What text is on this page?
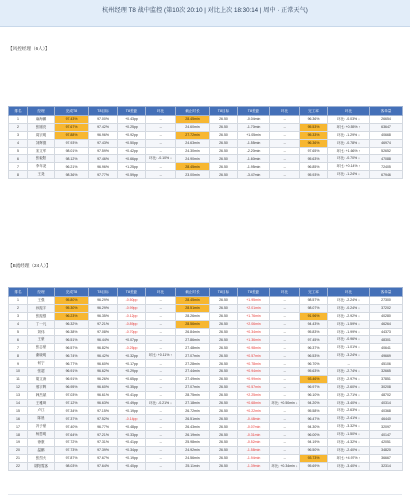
杭州经理 T8 战中监控 (第10次 20:10 | 对比上次 18:30:14 | 周中 · 正常天气)
【风控经理（6人）】
排名	经理	完成T8	T8目标	T8差距	环比	截止时长	T8目标	T8差距	环比	完工率	环比	客单量
1	麻海鹏	97.43%	97.00%	+0.43pp	→	28.45min	26.50	-0.04min	→	96.36%	环比: -0.03% ↓	26654
2	张刚亮	97.67%	97.42%	+0.25pp	→	24.60min	26.50	-1.70min	→	95.53%	环比: +0.55% ↑	63647
3	周宗明	97.88%	96.96%	+0.92pp	→	27.72min	26.50	+1.05min	→	95.33%	环比: -1.29% ↓	40668
4	刘辉德	97.93%	97.43%	+0.50pp	→	24.63min	26.50	-1.55min	→	96.36%	环比: -0.78% ↓	46974
5	宋文军	98.01%	97.59%	+0.42pp	→	24.30min	26.50	-2.20min	→	97.65%	环比: +1.66% ↑	52652
6	张毅阳	98.12%	97.46%	+0.66pp	环比: -0.10% ↓	24.90min	26.50	-1.60min	→	95.63%	环比: -0.70% ↓	47088
7	李年尧	96.21%	96.96%	+1.25pp	→	28.45min	26.50	-1.95min	→	96.85%	环比: +0.14% ↑	72405
8	王尧	98.36%	97.77%	+0.59pp	→	23.00min	26.50	-3.47min	→	95.93%	环比: -1.24% ↓	67946
【B流经理（24人）】
排名	经理	完成T8	T8目标	T8差距	环比	截止时长	T8目标	T8差距	环比	完工率	环比	客单量
1	王强	95.80%	96.29%	-0.50pp	→	28.45min	26.50	+1.95min	→	98.57%	环比: -2.24% ↓	27300
2	孙振宇	95.30%	96.29%	-0.99pp	→	28.51min	26.50	+2.01min	→	98.07%	环比: -0.24% ↓	37202
3	张振强	96.23%	96.35%	-0.12pp	→	28.26min	26.50	+1.76min	→	91.96%	环比: -2.92% ↓	40280
4	丁一凡	96.32%	97.21%	-0.89pp	→	28.56min	26.50	+2.06min	→	94.43%	环比: -1.59% ↓	46264
5	刘伟	96.38%	97.08%	-0.70pp	→	26.84min	26.50	+0.34min	→	95.83%	环比: -1.99% ↓	44373
6	王豪	96.51%	96.44%	+0.07pp	→	27.86min	26.50	+1.36min	→	97.45%	环比: -0.96% ↓	48301
7	张志豪	96.57%	96.82%	-0.25pp	→	27.48min	26.50	+0.98min	→	96.37%	环比: -1.01% ↓	40641
8	谢晓明	96.74%	96.42%	+0.32pp	环比: +0.11% ↑	27.07min	26.50	+0.57min	→	96.53%	环比: -3.24% ↓	49669
9	何宁	96.77%	96.60%	+0.17pp	→	27.28min	26.50	+0.78min	→	96.70%	→	45106
10	张超	96.91%	96.62%	+0.29pp	→	27.44min	26.50	+0.94min	→	95.63%	环比: -2.74% ↓	32665
11	胡文涛	96.91%	96.26%	+0.65pp	→	27.49min	26.50	+0.99min	→	93.46%	环比: -2.97% ↓	37851
12	邢宇辉	96.95%	96.60%	+0.35pp	→	27.07min	26.50	+0.57min	→	96.97%	环比: -2.60% ↓	30208
13	韩杰斌	97.03%	96.61%	+0.41pp	→	28.75min	26.50	+2.25min	→	96.10%	环比: -2.71% ↓	48702
14	王雅琦	97.12%	96.63%	+0.49pp	环比: -0.21% ↓	27.18min	26.50	+0.68min	环比: +0.50min ↓	94.20%	环比: -3.40% ↓	40314
15	卢江	97.34%	97.15%	+0.19pp	→	26.72min	26.50	+0.22min	→	95.58%	环比: -2.63% ↓	40368
16	陈晨	97.37%	97.52%	-0.14pp	→	26.51min	26.50	-0.48min	→	96.47%	环比: -2.41% ↓	46440
17	冯子豪	97.40%	96.77%	+0.48pp	→	26.43min	26.50	-0.07min	→	94.30%	环比: -3.32% ↓	32097
18	杨思明	97.64%	97.21%	+0.33pp	→	26.19min	26.50	-0.31min	→	96.00%	环比: -1.50% ↓	40147
19	徐康	97.72%	97.31%	+0.41pp	→	25.98min	26.50	-0.52min	→	94.19%	环比: -4.32% ↓	42051
20	温鹏	97.73%	97.39%	+0.34pp	→	24.92min	26.50	-1.58min	→	96.50%	环比: -2.40% ↓	34820
21	张烈火	97.87%	97.67%	+0.19pp	→	24.56min	26.50	-1.94min	→	93.73%	环比: +4.97% ↑	36667
22	胡阳霆客	98.03%	97.64%	+0.40pp	→	25.11min	26.50	-1.39min	环比: +0.34min ↓	95.69%	环比: -3.40% ↓	32314
